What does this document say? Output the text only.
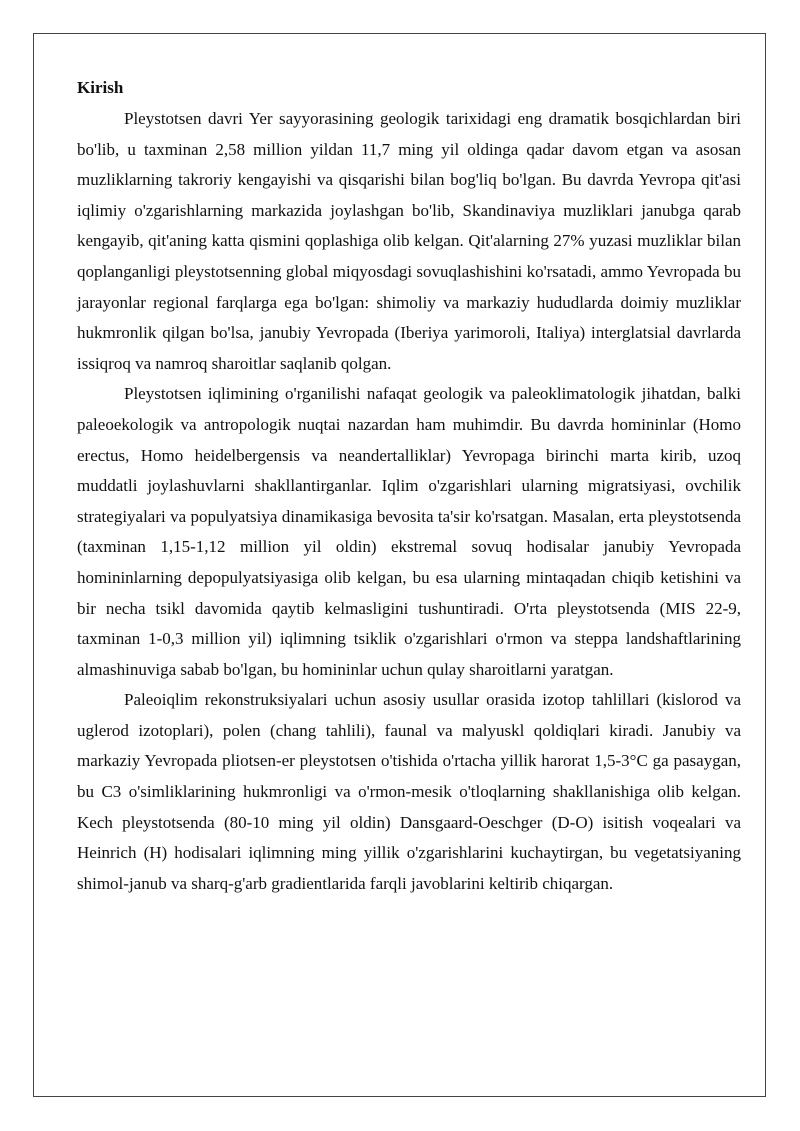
Kirish

Pleystotsen davri Yer sayyorasining geologik tarixidagi eng dramatik bosqichlardan biri bo'lib, u taxminan 2,58 million yildan 11,7 ming yil oldinga qadar davom etgan va asosan muzliklarning takroriy kengayishi va qisqarishi bilan bog'liq bo'lgan. Bu davrda Yevropa qit'asi iqlimiy o'zgarishlarning markazida joylashgan bo'lib, Skandinaviya muzliklari janubga qarab kengayib, qit'aning katta qismini qoplashiga olib kelgan. Qit'alarning 27% yuzasi muzliklar bilan qoplanganligi pleystotsenning global miqyosdagi sovuqlashishini ko'rsatadi, ammo Yevropada bu jarayonlar regional farqlarga ega bo'lgan: shimoliy va markaziy hududlarda doimiy muzliklar hukmronlik qilgan bo'lsa, janubiy Yevropada (Iberiya yarimoroli, Italiya) interglatsial davrlarda issiqroq va namroq sharoitlar saqlanib qolgan.

Pleystotsen iqlimining o'rganilishi nafaqat geologik va paleoklimatologik jihatdan, balki paleoekologik va antropologik nuqtai nazardan ham muhimdir. Bu davrda homininlar (Homo erectus, Homo heidelbergensis va neandertalliklar) Yevropaga birinchi marta kirib, uzoq muddatli joylashuvlarni shakllantirganlar. Iqlim o'zgarishlari ularning migratsiyasi, ovchilik strategiyalari va populyatsiya dinamikasiga bevosita ta'sir ko'rsatgan. Masalan, erta pleystotsenda (taxminan 1,15-1,12 million yil oldin) ekstremal sovuq hodisalar janubiy Yevropada homininlarning depopulyatsiyasiga olib kelgan, bu esa ularning mintaqadan chiqib ketishini va bir necha tsikl davomida qaytib kelmasligini tushuntiradi. O'rta pleystotsenda (MIS 22-9, taxminan 1-0,3 million yil) iqlimning tsiklik o'zgarishlari o'rmon va steppa landshaftlarining almashinuviga sabab bo'lgan, bu homininlar uchun qulay sharoitlarni yaratgan.

Paleoiqlim rekonstruksiyalari uchun asosiy usullar orasida izotop tahlillari (kislorod va uglerod izotoplari), polen (chang tahlili), faunal va malyuskl qoldiqlari kiradi. Janubiy va markaziy Yevropada pliotsen-er pleystotsen o'tishida o'rtacha yillik harorat 1,5-3°C ga pasaygan, bu C3 o'simliklarining hukmronligi va o'rmon-mesik o'tloqlarning shakllanishiga olib kelgan. Kech pleystotsenda (80-10 ming yil oldin) Dansgaard-Oeschger (D-O) isitish voqealari va Heinrich (H) hodisalari iqlimning ming yillik o'zgarishlarini kuchaytirgan, bu vegetatsiyaning shimol-janub va sharq-g'arb gradientlarida farqli javoblarini keltirib chiqargan.
